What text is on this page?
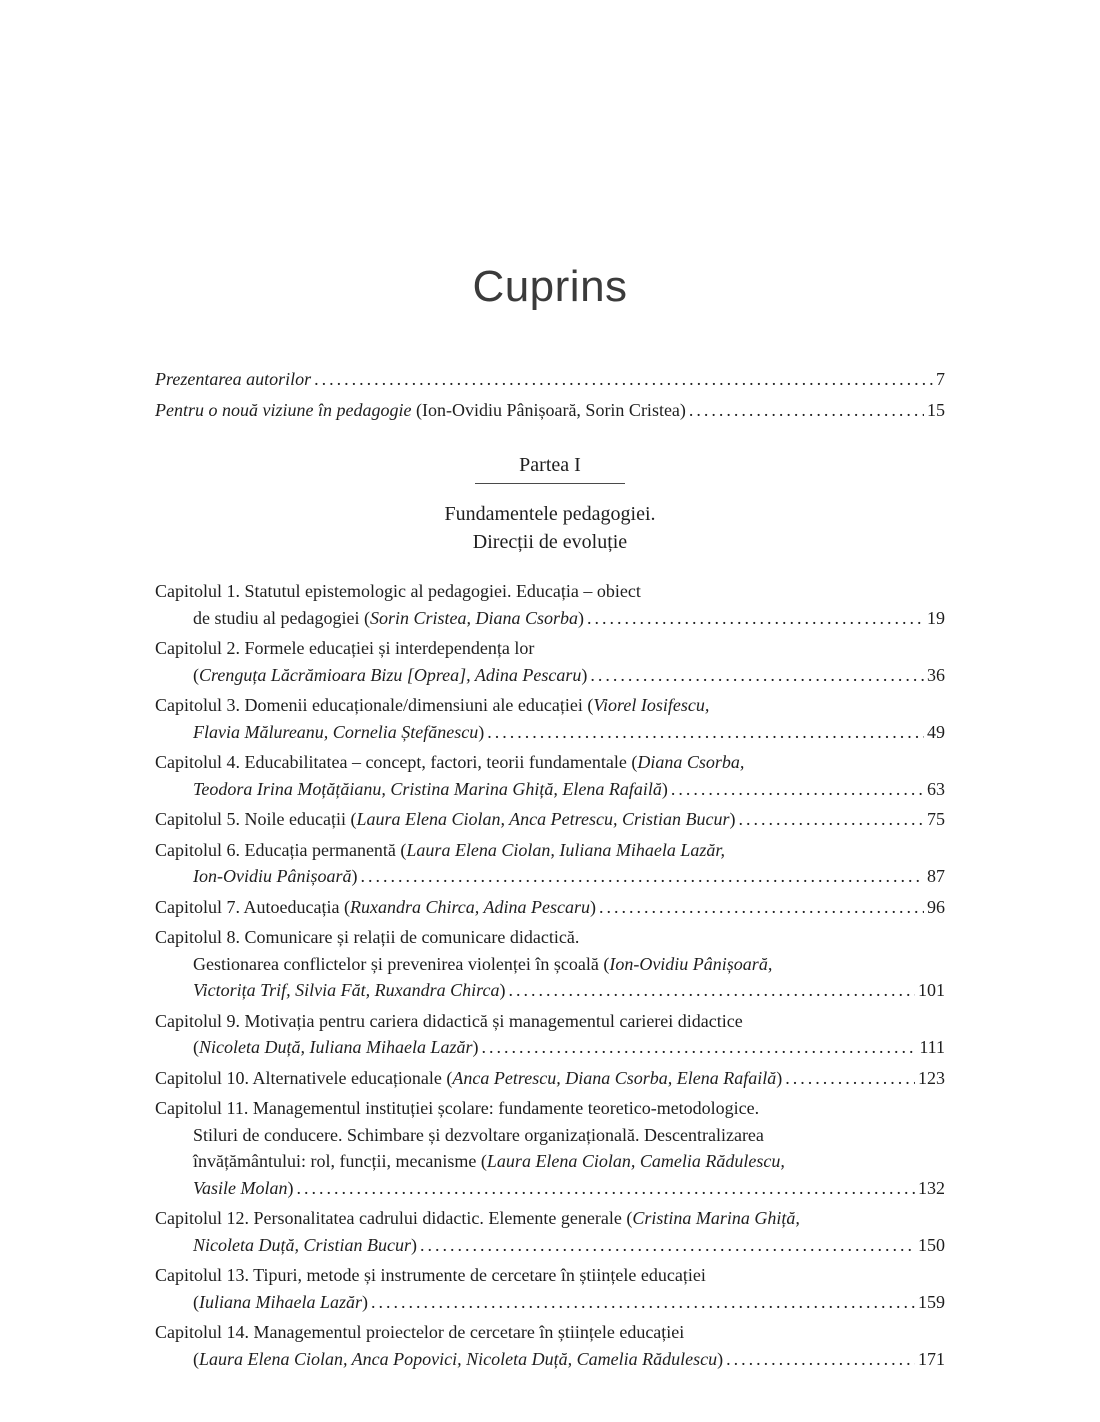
Cuprins
Prezentarea autorilor .....	7
Pentru o nouă viziune în pedagogie (Ion-Ovidiu Pânișoară, Sorin Cristea) .....	15
Partea I
Fundamentele pedagogiei.
Direcții de evoluție
Capitolul 1. Statutul epistemologic al pedagogiei. Educația – obiect
de studiu al pedagogiei (Sorin Cristea, Diana Csorba) .....	19
Capitolul 2. Formele educației și interdependența lor
(Crenguța Lăcrămioara Bizu [Oprea], Adina Pescaru) .....	36
Capitolul 3. Domenii educaționale/dimensiuni ale educației (Viorel Iosifescu,
Flavia Mălureanu, Cornelia Ștefănescu) .....	49
Capitolul 4. Educabilitatea – concept, factori, teorii fundamentale (Diana Csorba,
Teodora Irina Moțățăianu, Cristina Marina Ghiță, Elena Rafailă) .....	63
Capitolul 5. Noile educații (Laura Elena Ciolan, Anca Petrescu, Cristian Bucur) .....	75
Capitolul 6. Educația permanentă (Laura Elena Ciolan, Iuliana Mihaela Lazăr,
Ion-Ovidiu Pânișoară) .....	87
Capitolul 7. Autoeducația (Ruxandra Chirca, Adina Pescaru) .....	96
Capitolul 8. Comunicare și relații de comunicare didactică.
Gestionarea conflictelor și prevenirea violenței în școală (Ion-Ovidiu Pânișoară,
Victorița Trif, Silvia Făt, Ruxandra Chirca) .....	101
Capitolul 9. Motivația pentru cariera didactică și managementul carierei didactice
(Nicoleta Duță, Iuliana Mihaela Lazăr) .....	111
Capitolul 10. Alternativele educaționale (Anca Petrescu, Diana Csorba, Elena Rafailă) .....	123
Capitolul 11. Managementul instituției școlare: fundamente teoretico-metodologice.
Stiluri de conducere. Schimbare și dezvoltare organizațională. Descentralizarea
învățământului: rol, funcții, mecanisme (Laura Elena Ciolan, Camelia Rădulescu,
Vasile Molan) .....	132
Capitolul 12. Personalitatea cadrului didactic. Elemente generale (Cristina Marina Ghiță,
Nicoleta Duță, Cristian Bucur) .....	150
Capitolul 13. Tipuri, metode și instrumente de cercetare în științele educației
(Iuliana Mihaela Lazăr) .....	159
Capitolul 14. Managementul proiectelor de cercetare în științele educației
(Laura Elena Ciolan, Anca Popovici, Nicoleta Duță, Camelia Rădulescu) .....	171
